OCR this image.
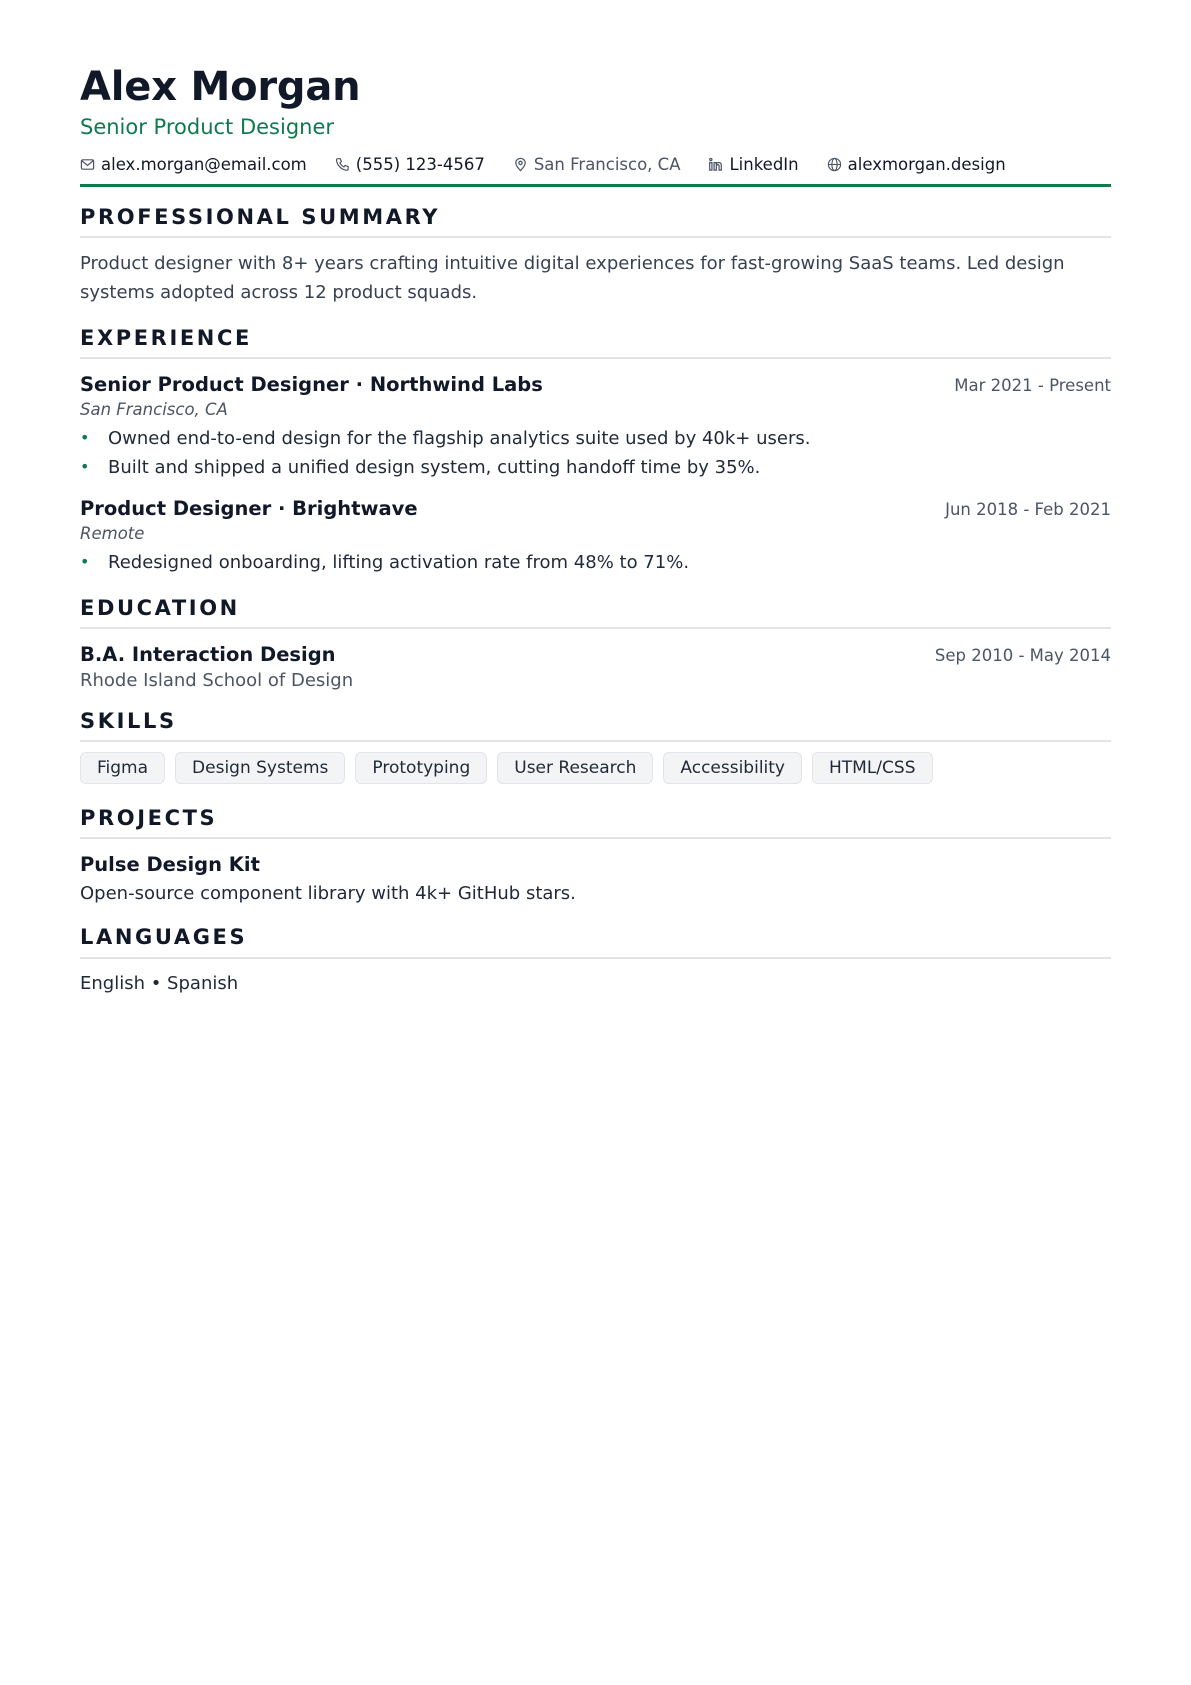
Alex Morgan
Senior Product Designer
alex.morgan@email.com	(555) 123-4567	San Francisco, CA	LinkedIn	alexmorgan.design
PROFESSIONAL SUMMARY
Product designer with 8+ years crafting intuitive digital experiences for fast-growing SaaS teams. Led design systems adopted across 12 product squads.
EXPERIENCE
Senior Product Designer · Northwind Labs	Mar 2021 - Present
San Francisco, CA
•	Owned end-to-end design for the flagship analytics suite used by 40k+ users.
•	Built and shipped a unified design system, cutting handoff time by 35%.
Product Designer · Brightwave	Jun 2018 - Feb 2021
Remote
•	Redesigned onboarding, lifting activation rate from 48% to 71%.
EDUCATION
B.A. Interaction Design	Sep 2010 - May 2014
Rhode Island School of Design
SKILLS
Figma	Design Systems	Prototyping	User Research	Accessibility	HTML/CSS
PROJECTS
Pulse Design Kit
Open-source component library with 4k+ GitHub stars.
LANGUAGES
English • Spanish
